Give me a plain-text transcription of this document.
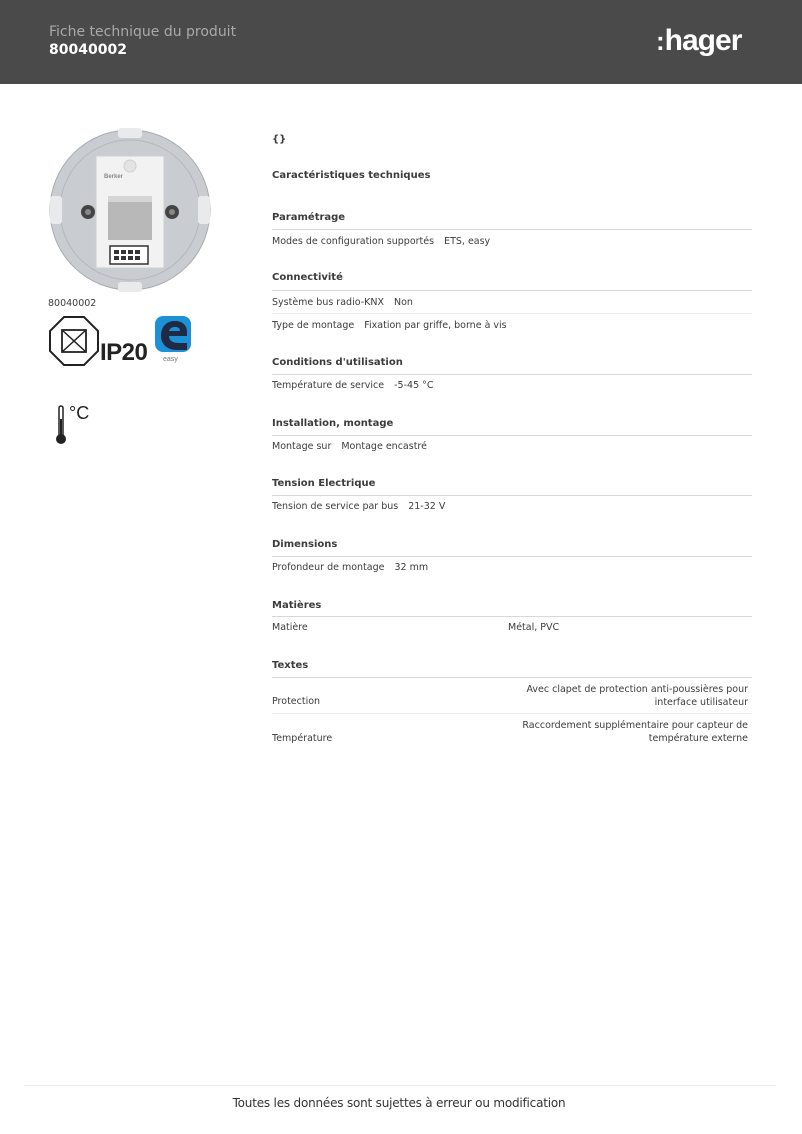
Fiche technique du produit
80040002	:hager
Berker
80040002
IP20 easy
°C
{}
Caractéristiques techniques
Paramétrage
Modes de configuration supportés ETS, easy
Connectivité
Système bus radio-KNX Non
Type de montage Fixation par griffe, borne à vis
Conditions d'utilisation
Température de service -5-45 °C
Installation, montage
Montage sur Montage encastré
Tension Electrique
Tension de service par bus 21-32 V
Dimensions
Profondeur de montage 32 mm
Matières
Matière	Métal, PVC
Textes
Protection
Avec clapet de protection anti-poussières pour
interface utilisateur
Température
Raccordement supplémentaire pour capteur de
température externe
Toutes les données sont sujettes à erreur ou modification
